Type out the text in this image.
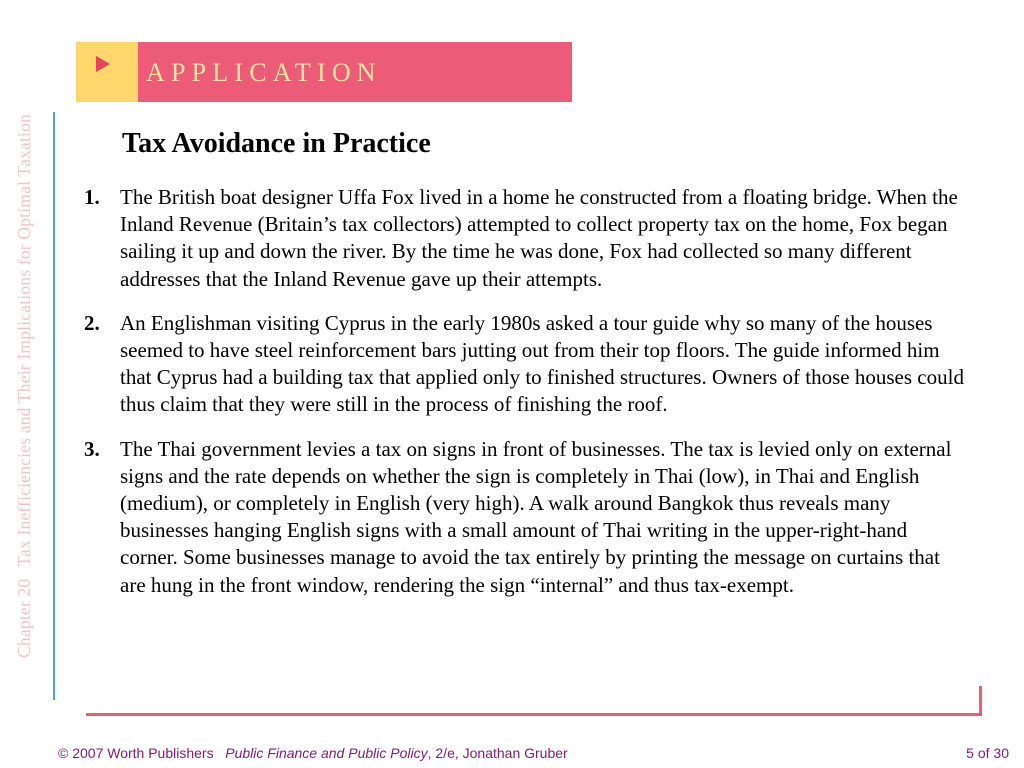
Chapter 20Tax Inefficiencies and Their Implications for Optimal Taxation
APPLICATION
Tax Avoidance in Practice
1. The British boat designer Uffa Fox lived in a home he constructed from a floating bridge. When the Inland Revenue (Britain’s tax collectors) attempted to collect property tax on the home, Fox began sailing it up and down the river. By the time he was done, Fox had collected so many different addresses that the Inland Revenue gave up their attempts.
2. An Englishman visiting Cyprus in the early 1980s asked a tour guide why so many of the houses seemed to have steel reinforcement bars jutting out from their top floors. The guide informed him that Cyprus had a building tax that applied only to finished structures. Owners of those houses could thus claim that they were still in the process of finishing the roof.
3. The Thai government levies a tax on signs in front of businesses. The tax is levied only on external signs and the rate depends on whether the sign is completely in Thai (low), in Thai and English (medium), or completely in English (very high). A walk around Bangkok thus reveals many businesses hanging English signs with a small amount of Thai writing in the upper-right-hand corner. Some businesses manage to avoid the tax entirely by printing the message on curtains that are hung in the front window, rendering the sign “internal” and thus tax-exempt.
© 2007 Worth Publishers Public Finance and Public Policy, 2/e, Jonathan Gruber	5 of 30
